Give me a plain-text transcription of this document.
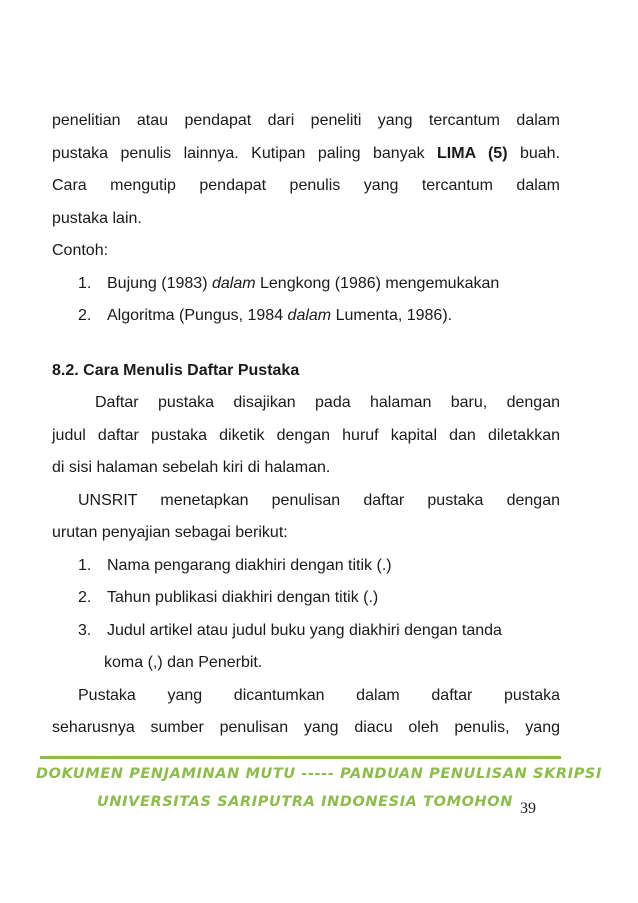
penelitian atau pendapat dari peneliti yang tercantum dalam
pustaka penulis lainnya. Kutipan paling banyak LIMA (5) buah.
Cara mengutip pendapat penulis yang tercantum dalam
pustaka lain.
Contoh:
1. Bujung (1983) dalam Lengkong (1986) mengemukakan
2. Algoritma (Pungus, 1984 dalam Lumenta, 1986).
8.2. Cara Menulis Daftar Pustaka
Daftar pustaka disajikan pada halaman baru, dengan
judul daftar pustaka diketik dengan huruf kapital dan diletakkan
di sisi halaman sebelah kiri di halaman.
UNSRIT menetapkan penulisan daftar pustaka dengan
urutan penyajian sebagai berikut:
1. Nama pengarang diakhiri dengan titik (.)
2. Tahun publikasi diakhiri dengan titik (.)
3. Judul artikel atau judul buku yang diakhiri dengan tanda
koma (,) dan Penerbit.
Pustaka yang dicantumkan dalam daftar pustaka
seharusnya sumber penulisan yang diacu oleh penulis, yang
DOKUMEN PENJAMINAN MUTU ----- PANDUAN PENULISAN SKRIPSI
UNIVERSITAS SARIPUTRA INDONESIA TOMOHON 39
